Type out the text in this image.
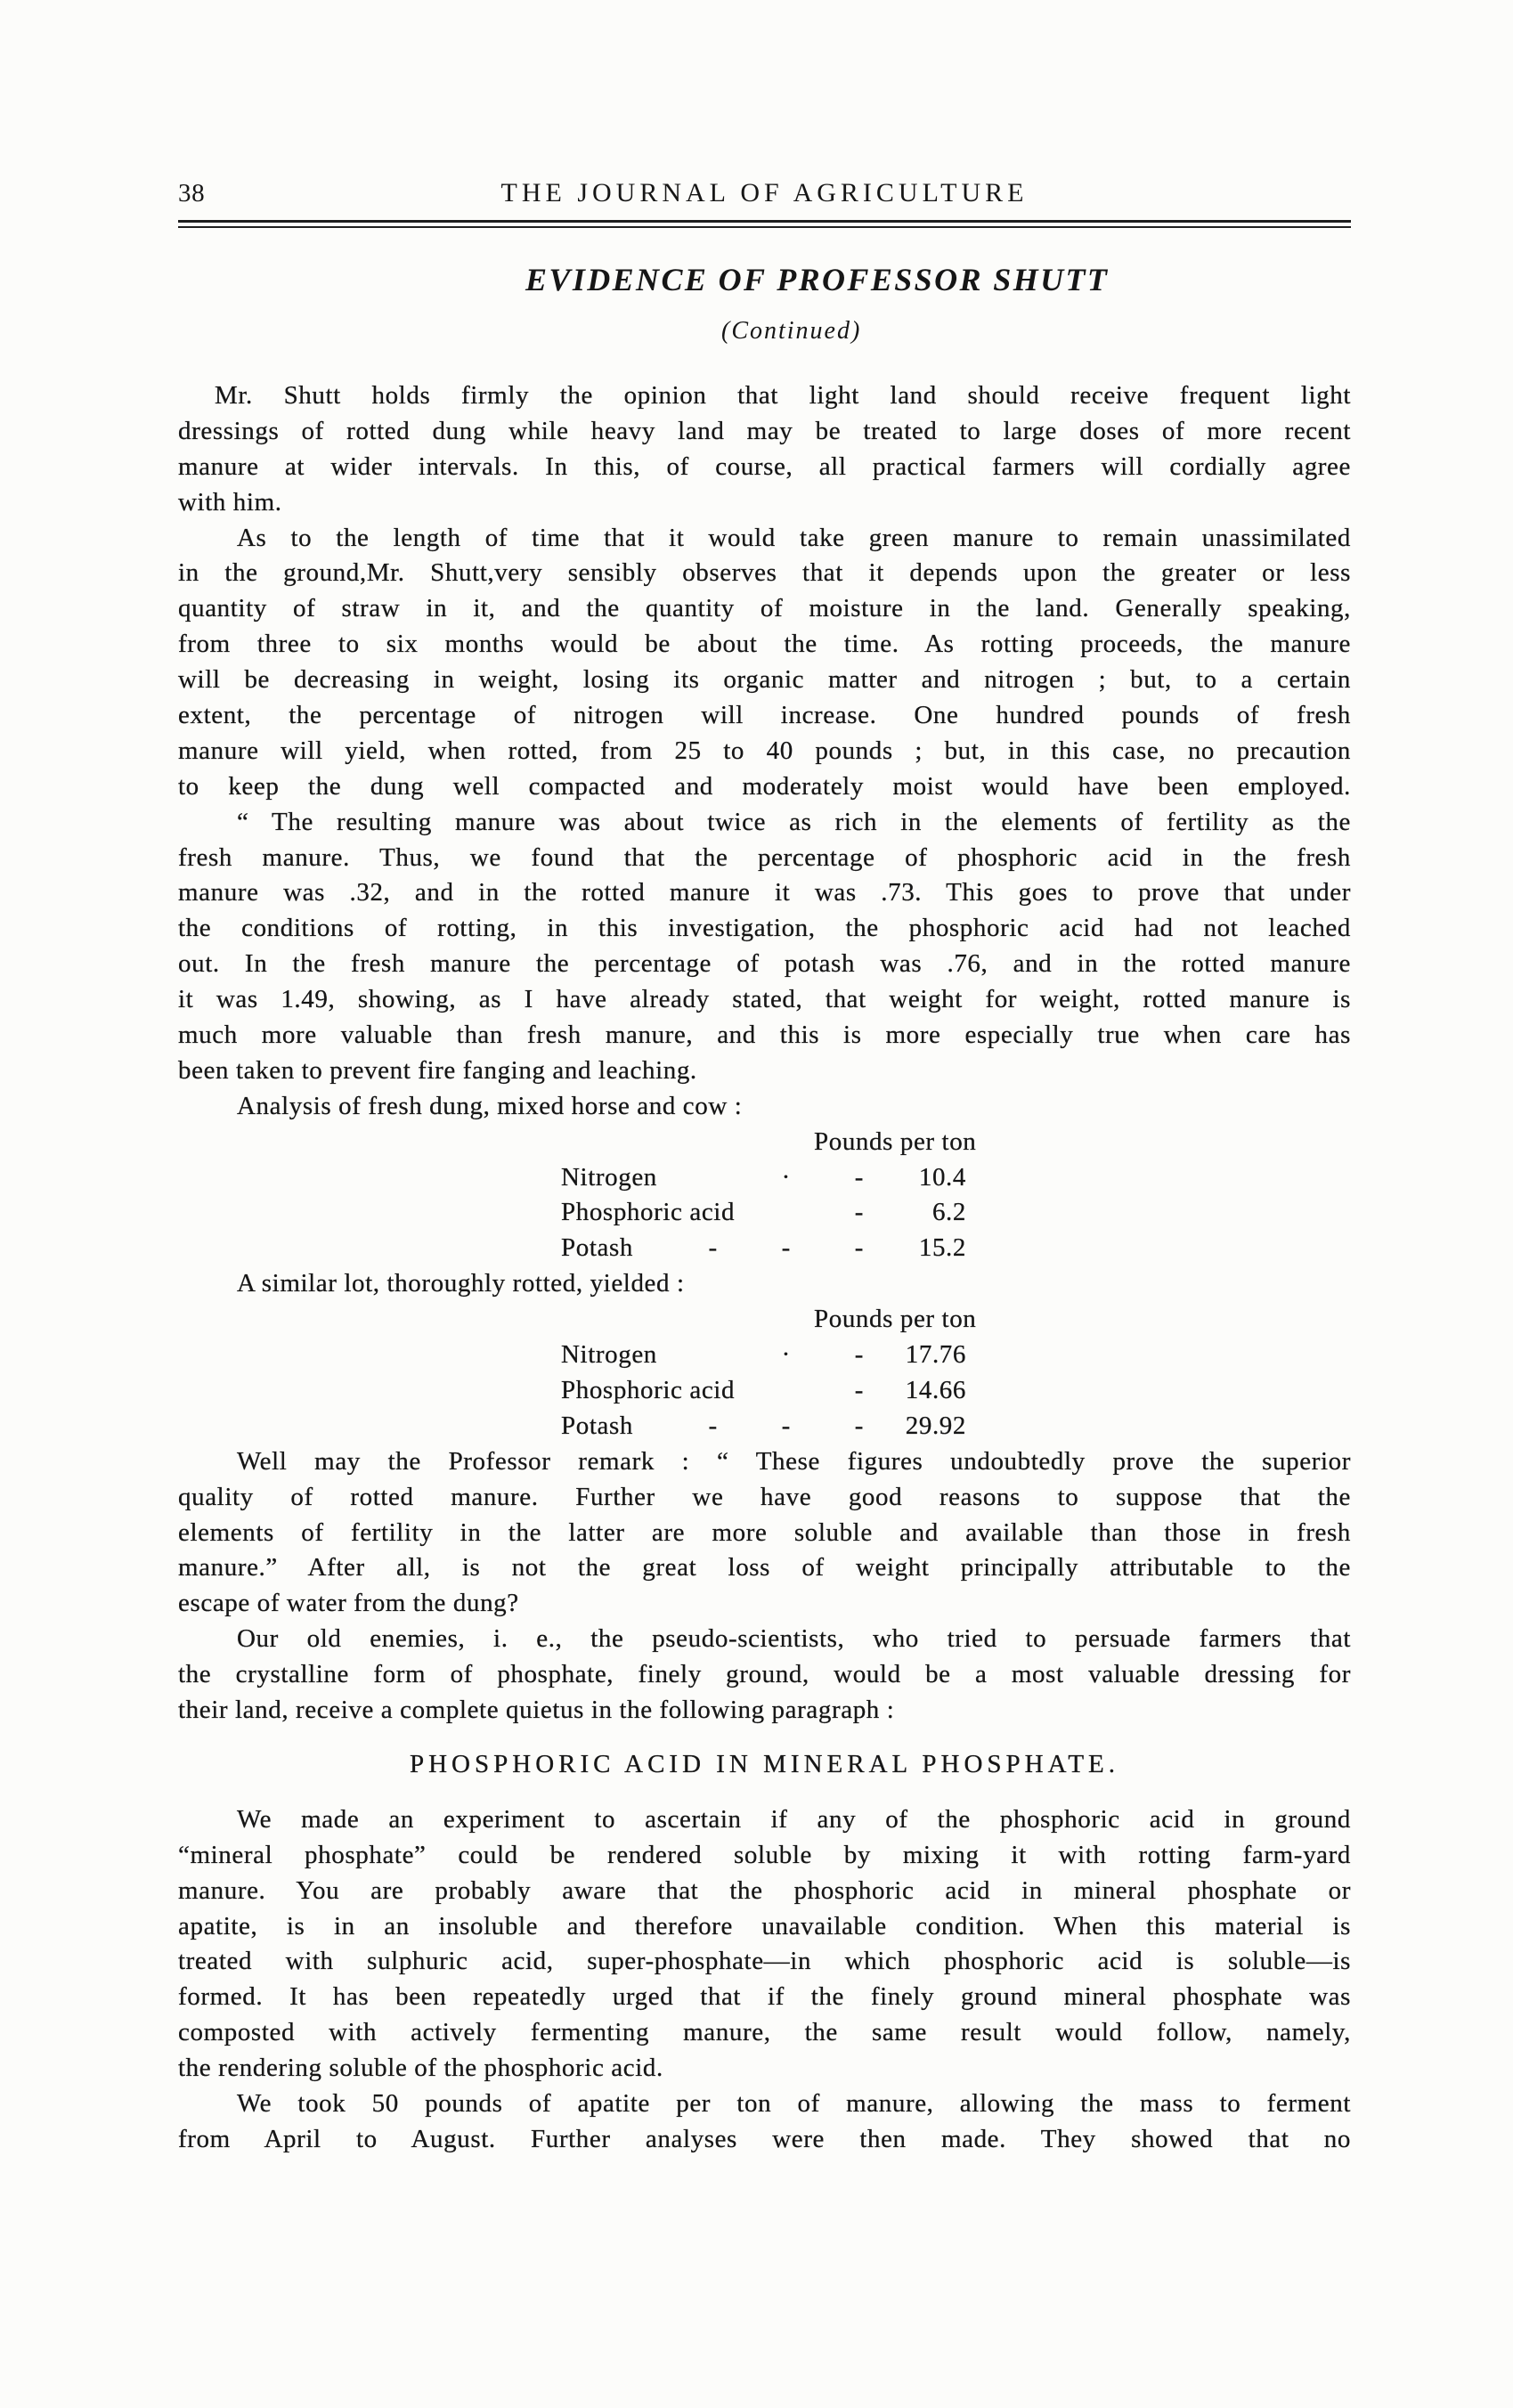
38	THE JOURNAL OF AGRICULTURE
EVIDENCE OF PROFESSOR SHUTT
(Continued)
Mr. Shutt holds firmly the opinion that light land should receive frequent light
dressings of rotted dung while heavy land may be treated to large doses of more recent
manure at wider intervals. In this, of course, all practical farmers will cordially agree
with him.
As to the length of time that it would take green manure to remain unassimilated
in the ground,Mr. Shutt,very sensibly observes that it depends upon the greater or less
quantity of straw in it, and the quantity of moisture in the land. Generally speaking,
from three to six months would be about the time. As rotting proceeds, the manure
will be decreasing in weight, losing its organic matter and nitrogen ; but, to a certain
extent, the percentage of nitrogen will increase. One hundred pounds of fresh
manure will yield, when rotted, from 25 to 40 pounds ; but, in this case, no precaution
to keep the dung well compacted and moderately moist would have been employed.
“ The resulting manure was about twice as rich in the elements of fertility as the
fresh manure. Thus, we found that the percentage of phosphoric acid in the fresh
manure was .32, and in the rotted manure it was .73. This goes to prove that under
the conditions of rotting, in this investigation, the phosphoric acid had not leached
out. In the fresh manure the percentage of potash was .76, and in the rotted manure
it was 1.49, showing, as I have already stated, that weight for weight, rotted manure is
much more valuable than fresh manure, and this is more especially true when care has
been taken to prevent fire fanging and leaching.
Analysis of fresh dung, mixed horse and cow :
Pounds per ton
Nitrogen	· - 10.4
Phosphoric acid	-	6.2
Potash	- - - 15.2
A similar lot, thoroughly rotted, yielded :
Pounds per ton
Nitrogen	· - 17.76
Phosphoric acid	- 14.66
Potash	- - - 29.92
Well may the Professor remark : “ These figures undoubtedly prove the superior
quality of rotted manure. Further we have good reasons to suppose that the
elements of fertility in the latter are more soluble and available than those in fresh
manure.” After all, is not the great loss of weight principally attributable to the
escape of water from the dung?
Our old enemies, i. e., the pseudo-scientists, who tried to persuade farmers that
the crystalline form of phosphate, finely ground, would be a most valuable dressing for
their land, receive a complete quietus in the following paragraph :
PHOSPHORIC ACID IN MINERAL PHOSPHATE.
We made an experiment to ascertain if any of the phosphoric acid in ground
“mineral phosphate” could be rendered soluble by mixing it with rotting farm-yard
manure. You are probably aware that the phosphoric acid in mineral phosphate or
apatite, is in an insoluble and therefore unavailable condition. When this material is
treated with sulphuric acid, super-phosphate—in which phosphoric acid is soluble—is
formed. It has been repeatedly urged that if the finely ground mineral phosphate was
composted with actively fermenting manure, the same result would follow, namely,
the rendering soluble of the phosphoric acid.
We took 50 pounds of apatite per ton of manure, allowing the mass to ferment
from April to August. Further analyses were then made. They showed that no
